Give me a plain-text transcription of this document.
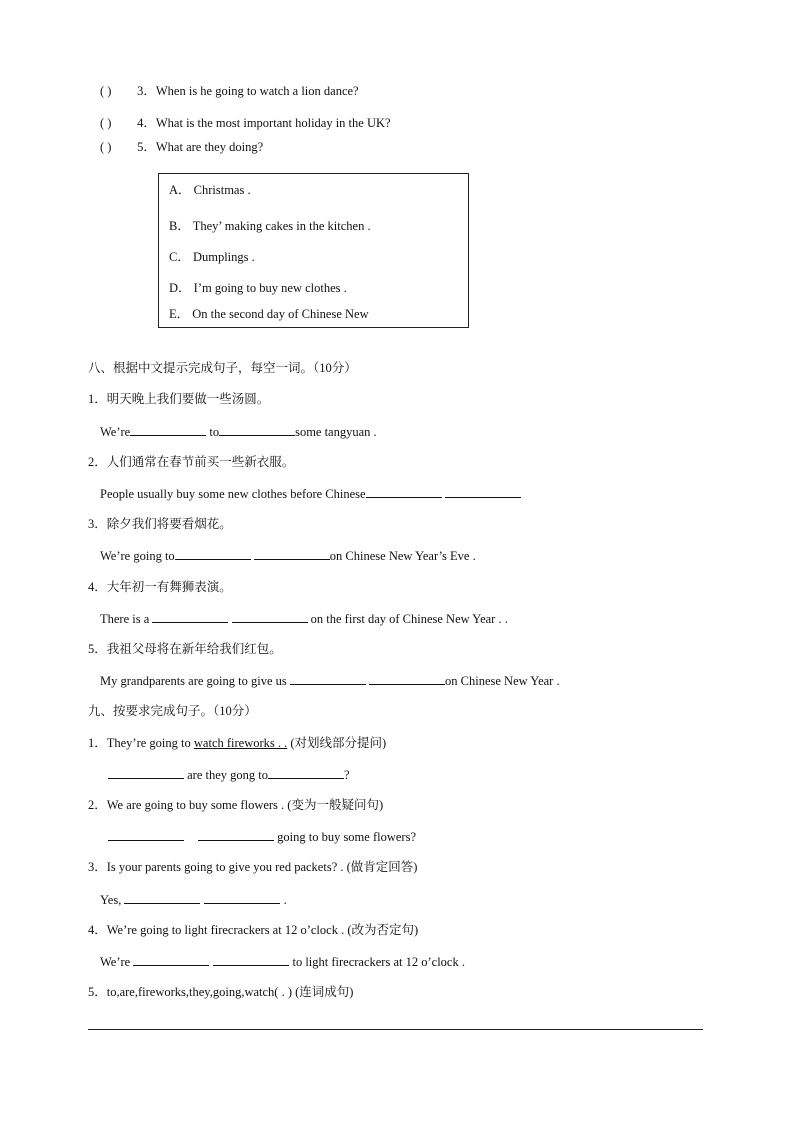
( ) 3．When is he going to watch a lion dance?
( ) 4．What is the most important holiday in the UK?
( ) 5．What are they doing?
A． Christmas .
B． They’ making cakes in the kitchen .
C． Dumplings .
D． I’m going to buy new clothes .
E． On the second day of Chinese New
八、根据中文提示完成句子，每空一词。（10分）
1．明天晚上我们要做一些汤圆。
We’re	to	some tangyuan .
2．人们通常在春节前买一些新衣服。
People usually buy some new clothes before Chinese
3．除夕我们将要看烟花。
We’re going to	on Chinese New Year’s Eve .
4．大年初一有舞狮表演。
There is a	on the first day of Chinese New Year . .
5．我祖父母将在新年给我们红包。
My grandparents are going to give us	on Chinese New Year .
九、按要求完成句子。（10分）
1．They’re going to watch fireworks . . (对划线部分提问)
are they gong to	?
2．We are going to buy some flowers . (变为一般疑问句)
going to buy some flowers?
3．Is your parents going to give you red packets? . (做肯定回答)
Yes,	.
4．We’re going to light firecrackers at 12 o’clock . (改为否定句)
We’re	to light firecrackers at 12 o’clock .
5．to,are,fireworks,they,going,watch( . ) (连词成句)
